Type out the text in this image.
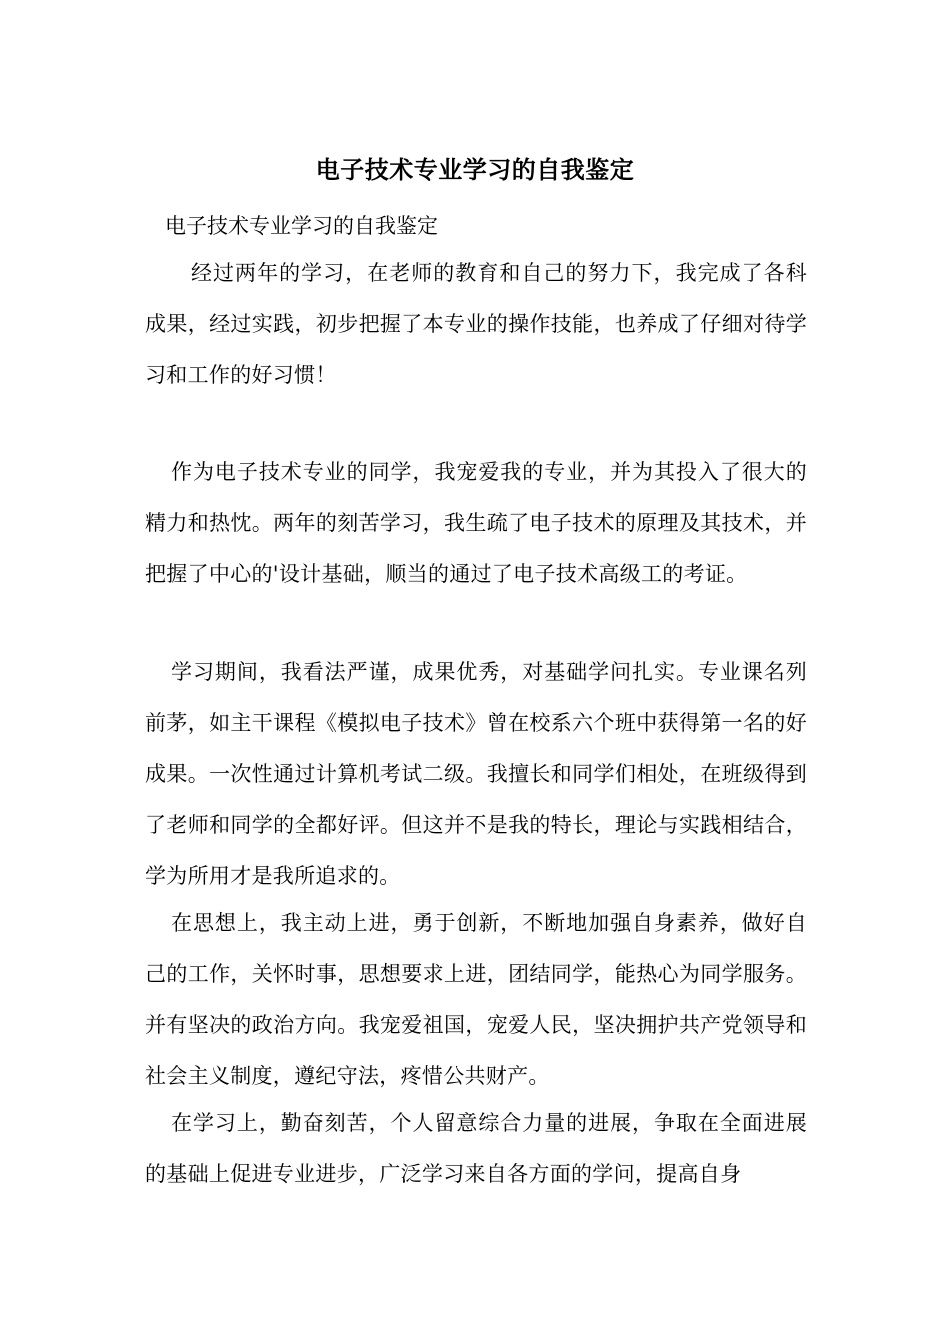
电子技术专业学习的自我鉴定
电子技术专业学习的自我鉴定
经过两年的学习，在老师的教育和自己的努力下，我完成了各科成果，经过实践，初步把握了本专业的操作技能，也养成了仔细对待学习和工作的好习惯！
作为电子技术专业的同学，我宠爱我的专业，并为其投入了很大的精力和热忱。两年的刻苦学习，我生疏了电子技术的原理及其技术，并把握了中心的'设计基础，顺当的通过了电子技术高级工的考证。
学习期间，我看法严谨，成果优秀，对基础学问扎实。专业课名列前茅，如主干课程《模拟电子技术》曾在校系六个班中获得第一名的好成果。一次性通过计算机考试二级。我擅长和同学们相处，在班级得到了老师和同学的全都好评。但这并不是我的特长，理论与实践相结合，学为所用才是我所追求的。
在思想上，我主动上进，勇于创新，不断地加强自身素养，做好自己的工作，关怀时事，思想要求上进，团结同学，能热心为同学服务。并有坚决的政治方向。我宠爱祖国，宠爱人民，坚决拥护共产党领导和社会主义制度，遵纪守法，疼惜公共财产。
在学习上，勤奋刻苦，个人留意综合力量的进展，争取在全面进展的基础上促进专业进步，广泛学习来自各方面的学问，提高自身
